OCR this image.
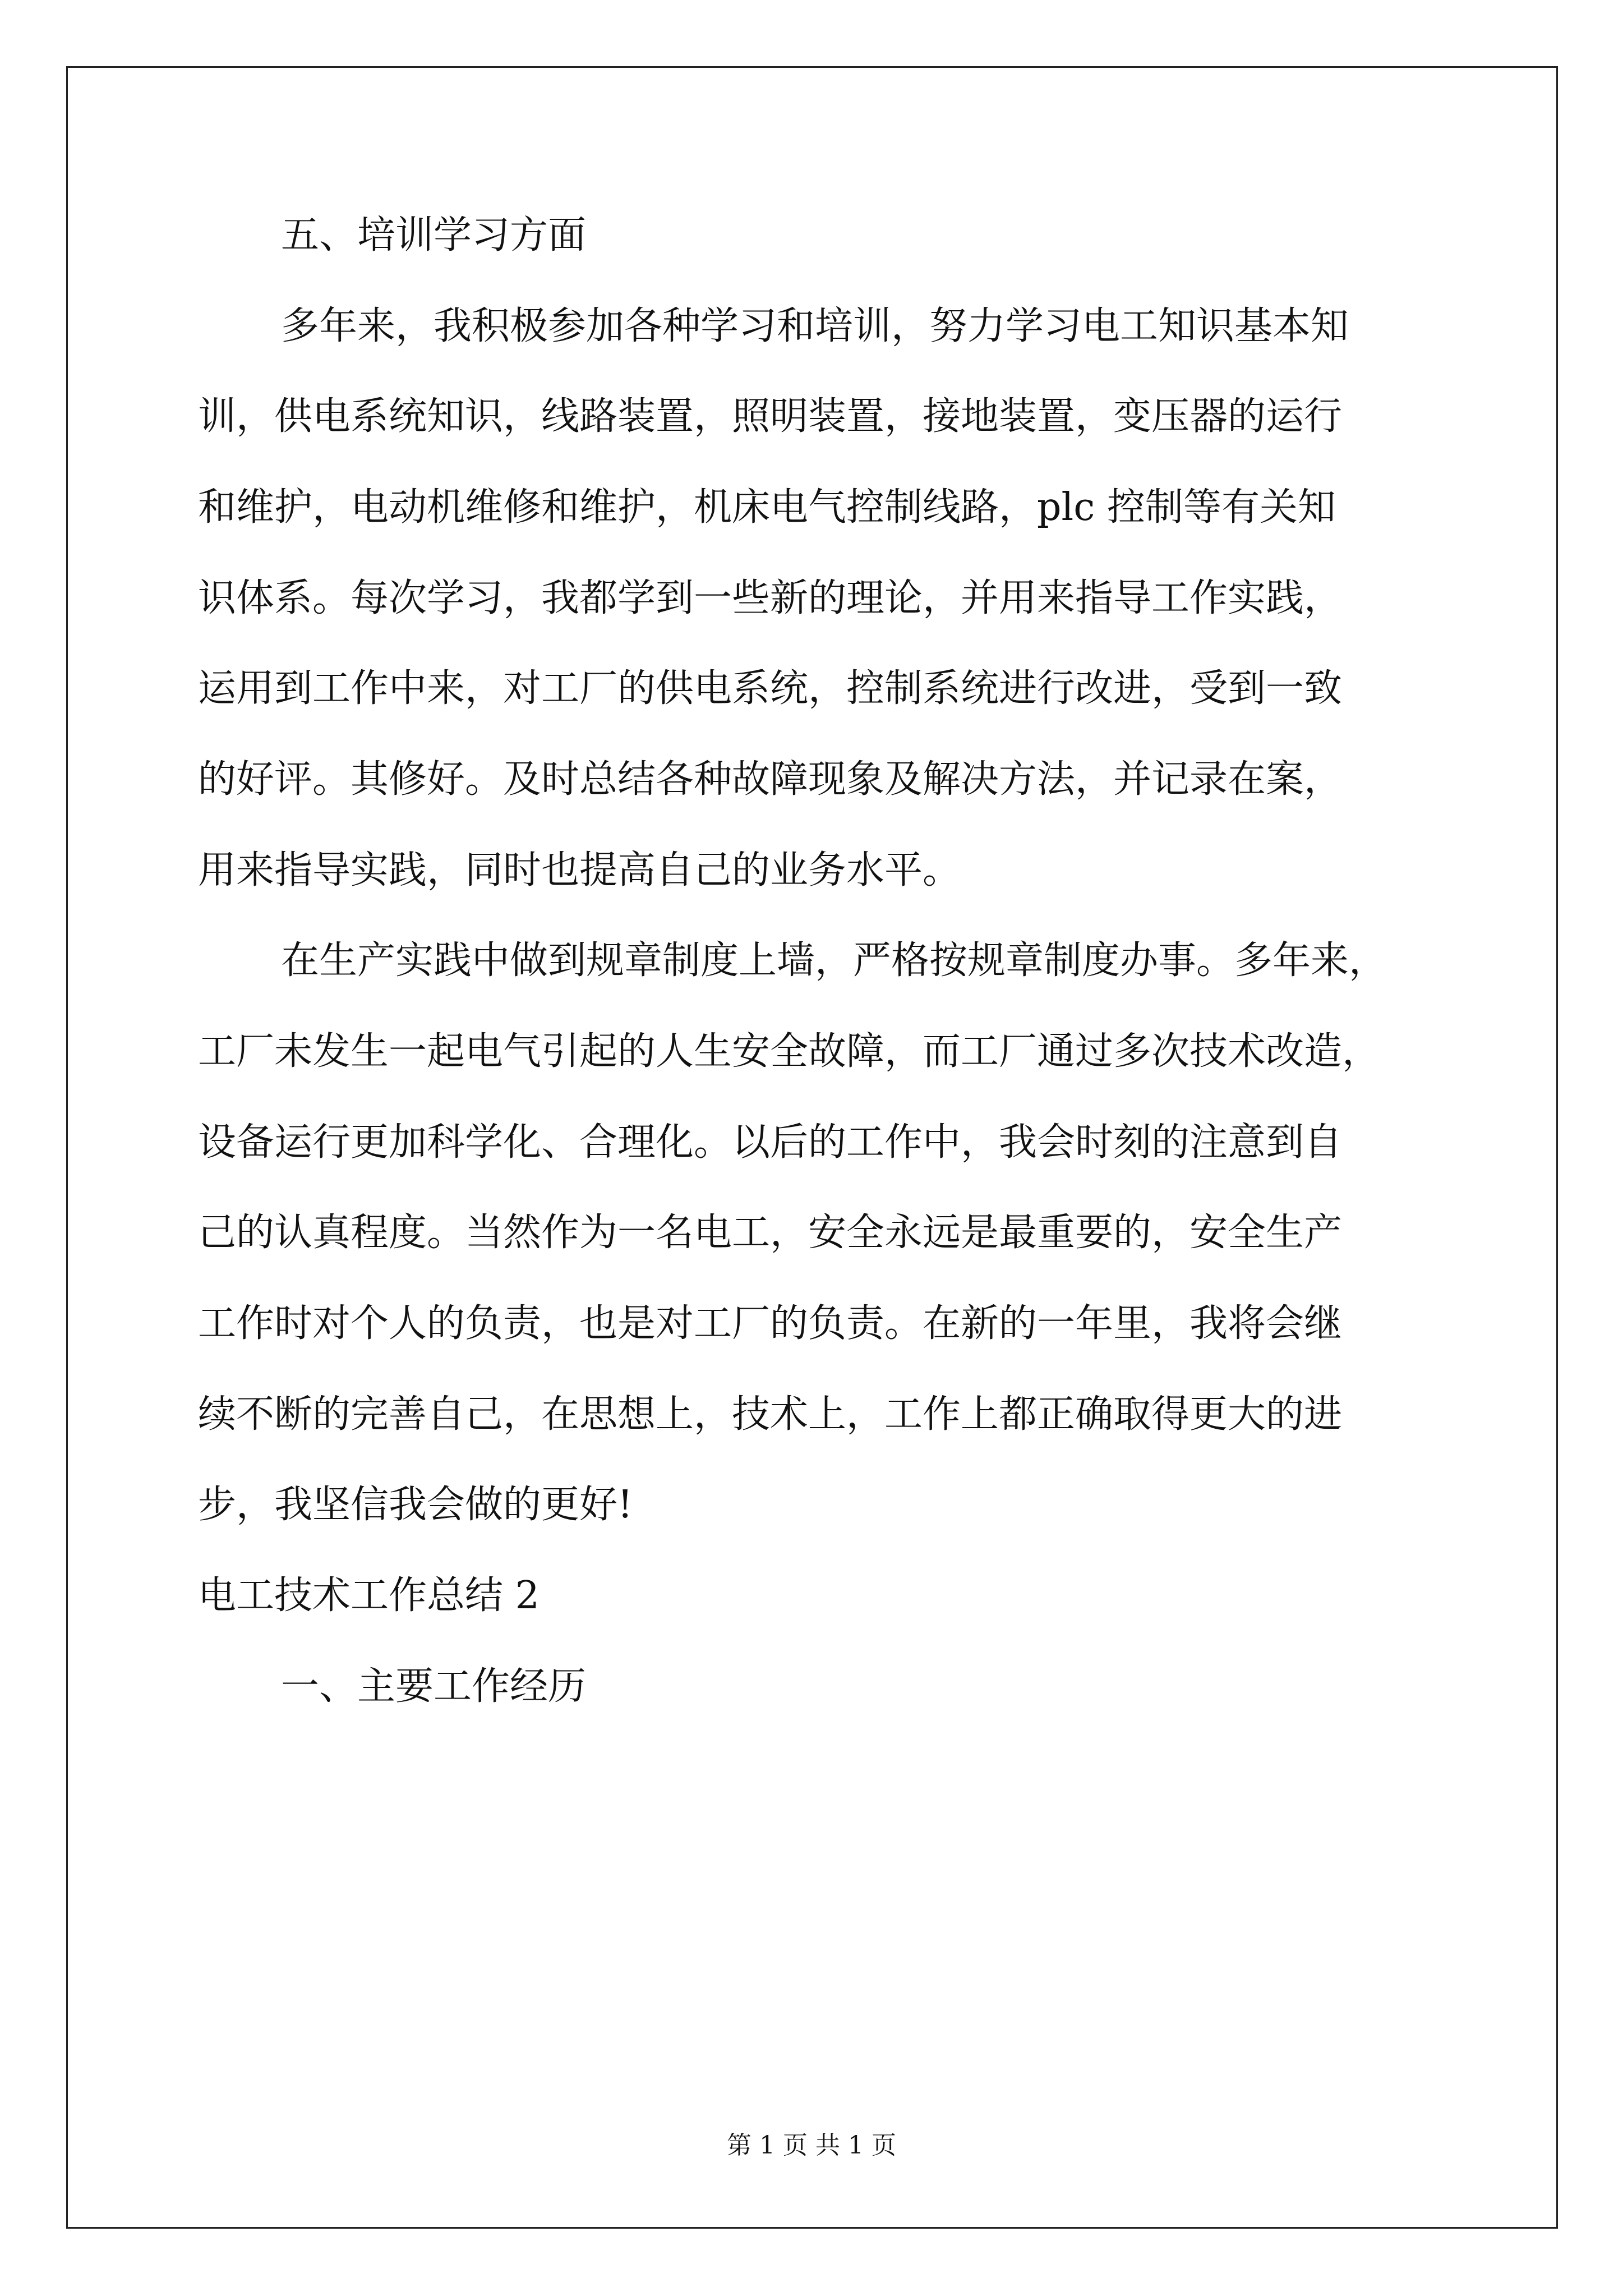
五、培训学习方面
多年来，我积极参加各种学习和培训，努力学习电工知识基本知
训，供电系统知识，线路装置，照明装置，接地装置，变压器的运行
和维护，电动机维修和维护，机床电气控制线路，plc 控制等有关知
识体系。每次学习，我都学到一些新的理论，并用来指导工作实践，
运用到工作中来，对工厂的供电系统，控制系统进行改进，受到一致
的好评。其修好。及时总结各种故障现象及解决方法，并记录在案，
用来指导实践，同时也提高自己的业务水平。
在生产实践中做到规章制度上墙，严格按规章制度办事。多年来，
工厂未发生一起电气引起的人生安全故障，而工厂通过多次技术改造，
设备运行更加科学化、合理化。以后的工作中，我会时刻的注意到自
己的认真程度。当然作为一名电工，安全永远是最重要的，安全生产
工作时对个人的负责，也是对工厂的负责。在新的一年里，我将会继
续不断的完善自己，在思想上，技术上，工作上都正确取得更大的进
步，我坚信我会做的更好!
电工技术工作总结 2
一、主要工作经历
第 1 页 共 1 页
